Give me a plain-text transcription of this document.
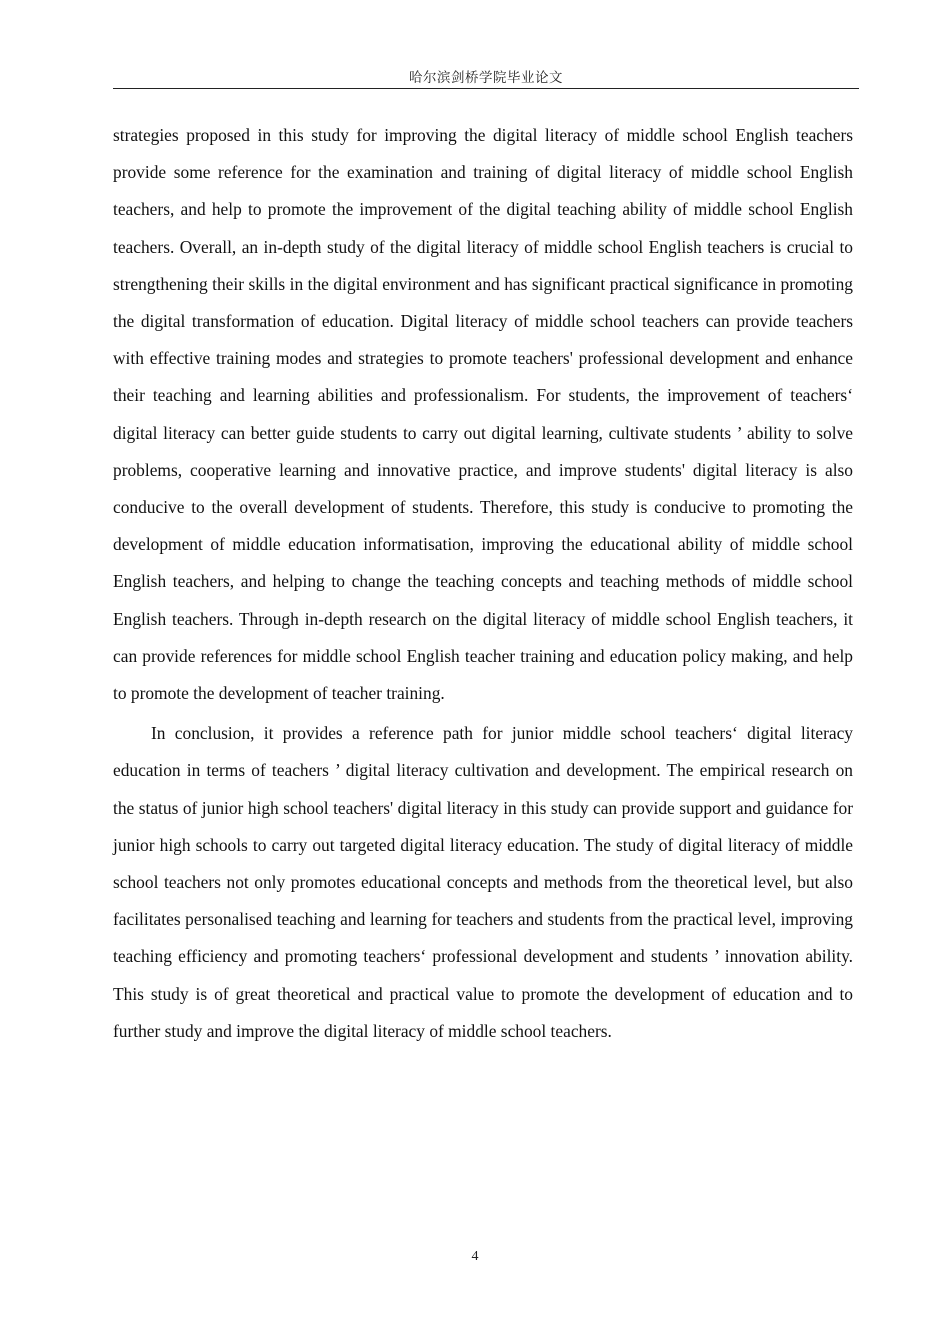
哈尔滨剑桥学院毕业论文

strategies proposed in this study for improving the digital literacy of middle school English teachers provide some reference for the examination and training of digital literacy of middle school English teachers, and help to promote the improvement of the digital teaching ability of middle school English teachers. Overall, an in-depth study of the digital literacy of middle school English teachers is crucial to strengthening their skills in the digital environment and has significant practical significance in promoting the digital transformation of education. Digital literacy of middle school teachers can provide teachers with effective training modes and strategies to promote teachers' professional development and enhance their teaching and learning abilities and professionalism. For students, the improvement of teachers‘ digital literacy can better guide students to carry out digital learning, cultivate students ’ ability to solve problems, cooperative learning and innovative practice, and improve students' digital literacy is also conducive to the overall development of students. Therefore, this study is conducive to promoting the development of middle education informatisation, improving the educational ability of middle school English teachers, and helping to change the teaching concepts and teaching methods of middle school English teachers. Through in-depth research on the digital literacy of middle school English teachers, it can provide references for middle school English teacher training and education policy making, and help to promote the development of teacher training.

In conclusion, it provides a reference path for junior middle school teachers‘ digital literacy education in terms of teachers ’ digital literacy cultivation and development. The empirical research on the status of junior high school teachers' digital literacy in this study can provide support and guidance for junior high schools to carry out targeted digital literacy education. The study of digital literacy of middle school teachers not only promotes educational concepts and methods from the theoretical level, but also facilitates personalised teaching and learning for teachers and students from the practical level, improving teaching efficiency and promoting teachers‘ professional development and students ’ innovation ability. This study is of great theoretical and practical value to promote the development of education and to further study and improve the digital literacy of middle school teachers.

4
